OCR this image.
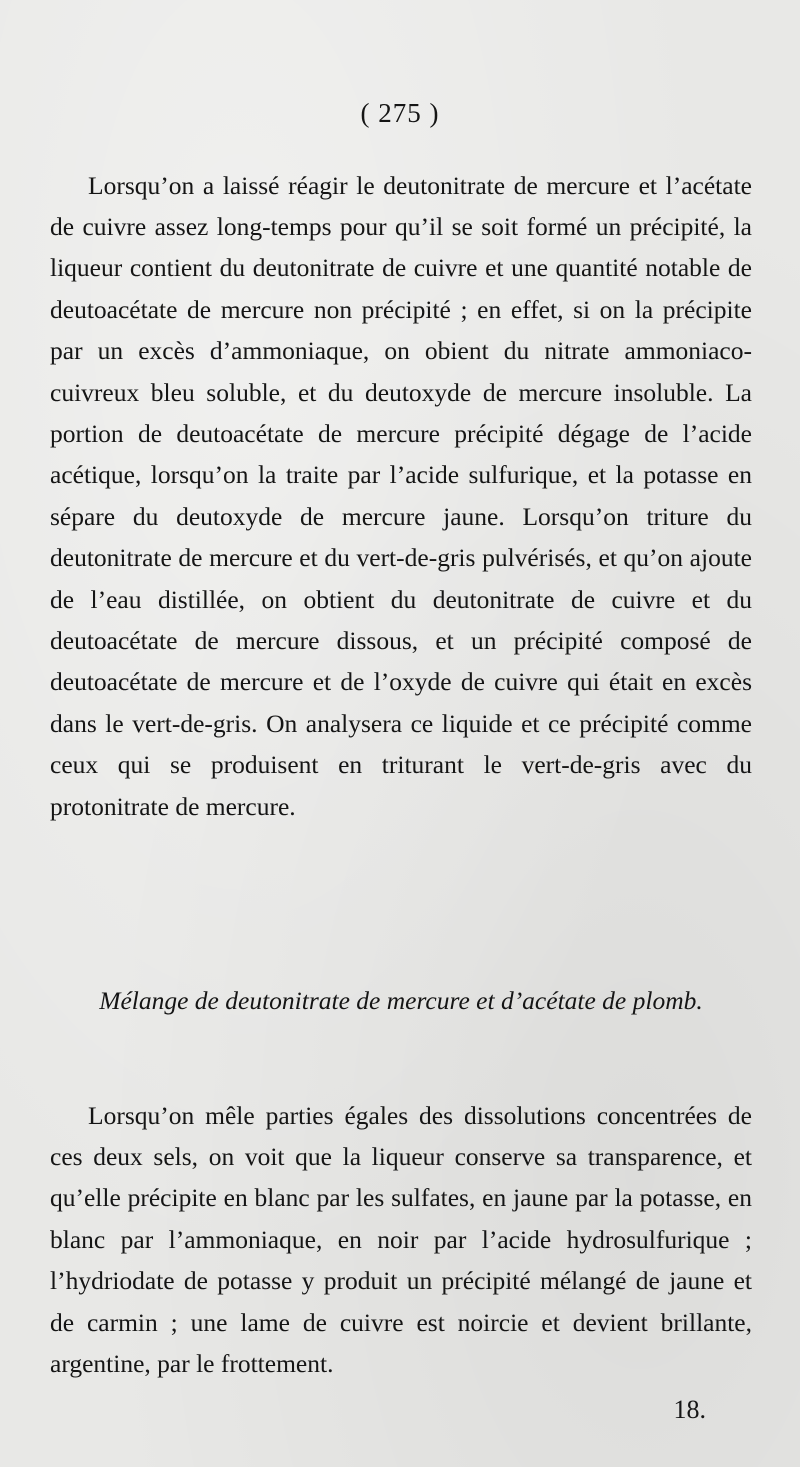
( 275 )

Lorsqu’on a laissé réagir le deutonitrate de mercure et l’acétate de cuivre assez long-temps pour qu’il se soit formé un précipité, la liqueur contient du deutonitrate de cuivre et une quantité notable de deutoacétate de mercure non précipité ; en effet, si on la précipite par un excès d’ammoniaque, on obient du nitrate ammoniaco-cuivreux bleu soluble, et du deutoxyde de mercure insoluble. La portion de deutoacétate de mercure précipité dégage de l’acide acétique, lorsqu’on la traite par l’acide sulfurique, et la potasse en sépare du deutoxyde de mercure jaune. Lorsqu’on triture du deutonitrate de mercure et du vert-de-gris pulvérisés, et qu’on ajoute de l’eau distillée, on obtient du deutonitrate de cuivre et du deutoacétate de mercure dissous, et un précipité composé de deutoacétate de mercure et de l’oxyde de cuivre qui était en excès dans le vert-de-gris. On analysera ce liquide et ce précipité comme ceux qui se produisent en triturant le vert-de-gris avec du protonitrate de mercure.

Mélange de deutonitrate de mercure et d’acétate de plomb.

Lorsqu’on mêle parties égales des dissolutions concentrées de ces deux sels, on voit que la liqueur conserve sa transparence, et qu’elle précipite en blanc par les sulfates, en jaune par la potasse, en blanc par l’ammoniaque, en noir par l’acide hydrosulfurique ; l’hydriodate de potasse y produit un précipité mélangé de jaune et de carmin ; une lame de cuivre est noircie et devient brillante, argentine, par le frottement.

18.
